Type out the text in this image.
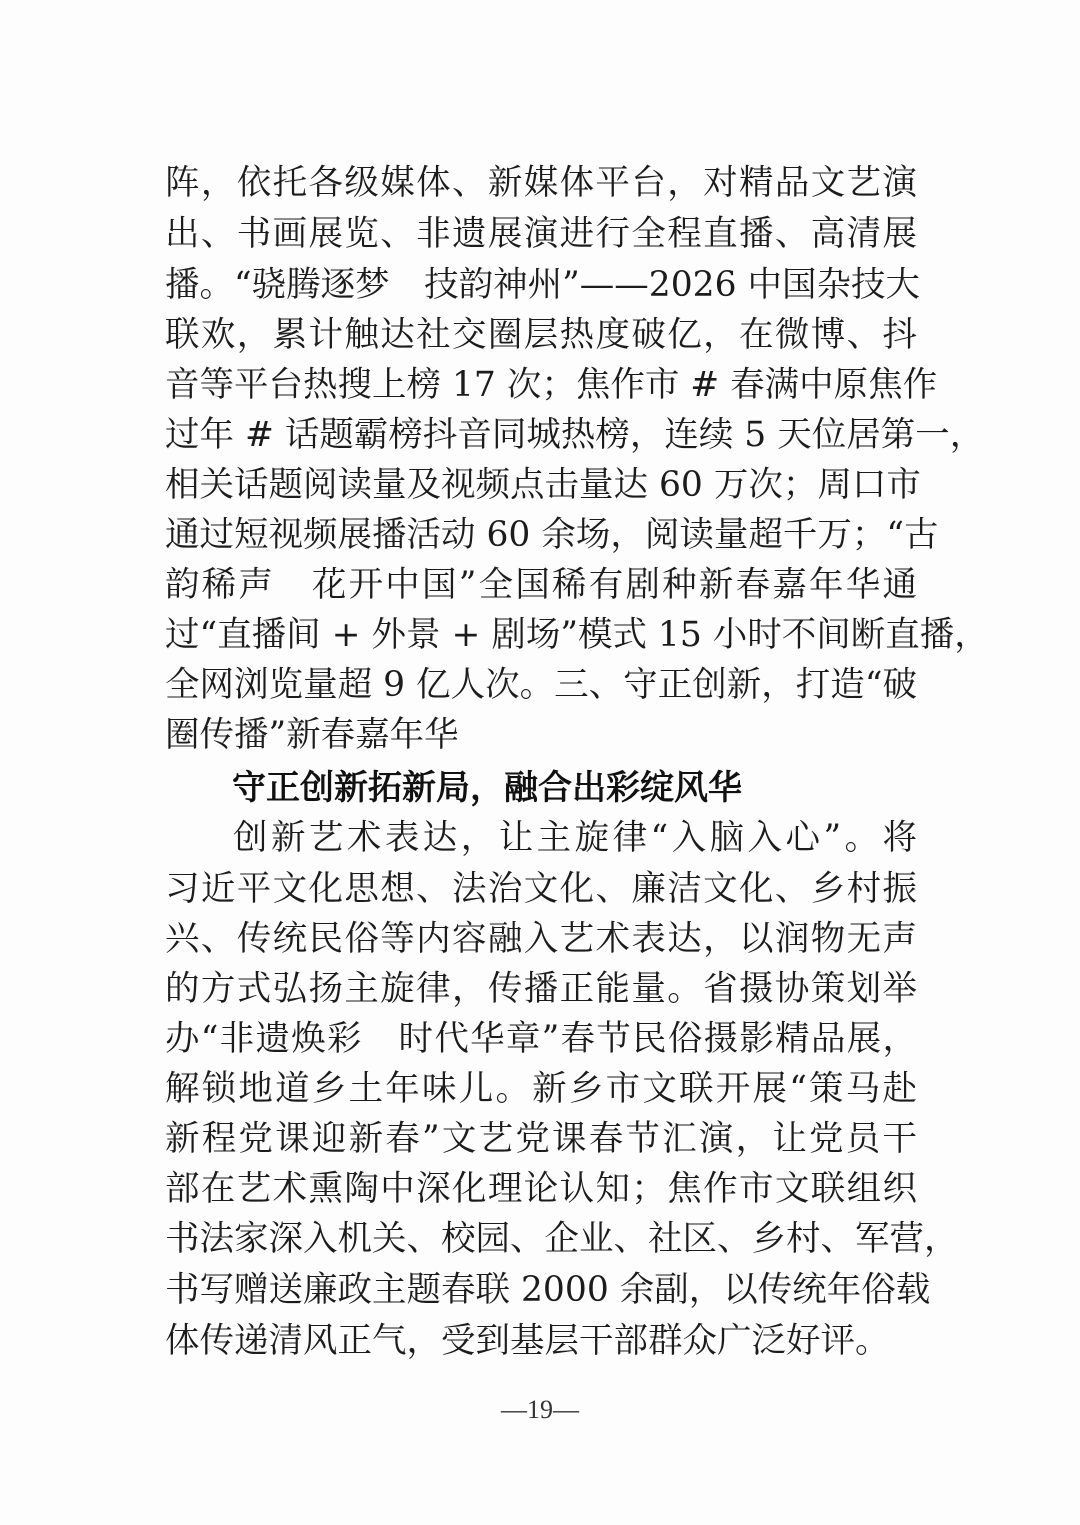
阵，依托各级媒体、新媒体平台，对精品文艺演
出、书画展览、非遗展演进行全程直播、高清展
播。“骁腾逐梦　技韵神州”——2026 中国杂技大
联欢，累计触达社交圈层热度破亿，在微博、抖
音等平台热搜上榜 17 次；焦作市 # 春满中原焦作
过年 # 话题霸榜抖音同城热榜，连续 5 天位居第一，
相关话题阅读量及视频点击量达 60 万次；周口市
通过短视频展播活动 60 余场，阅读量超千万；“古
韵稀声　花开中国”全国稀有剧种新春嘉年华通
过“直播间 + 外景 + 剧场”模式 15 小时不间断直播，
全网浏览量超 9 亿人次。三、守正创新，打造“破
圈传播”新春嘉年华
守正创新拓新局，融合出彩绽风华
创新艺术表达，让主旋律“入脑入心”。将
习近平文化思想、法治文化、廉洁文化、乡村振
兴、传统民俗等内容融入艺术表达，以润物无声
的方式弘扬主旋律，传播正能量。省摄协策划举
办“非遗焕彩　时代华章”春节民俗摄影精品展，
解锁地道乡土年味儿。新乡市文联开展“策马赴
新程党课迎新春”文艺党课春节汇演，让党员干
部在艺术熏陶中深化理论认知；焦作市文联组织
书法家深入机关、校园、企业、社区、乡村、军营，
书写赠送廉政主题春联 2000 余副，以传统年俗载
体传递清风正气，受到基层干部群众广泛好评。
—19—
